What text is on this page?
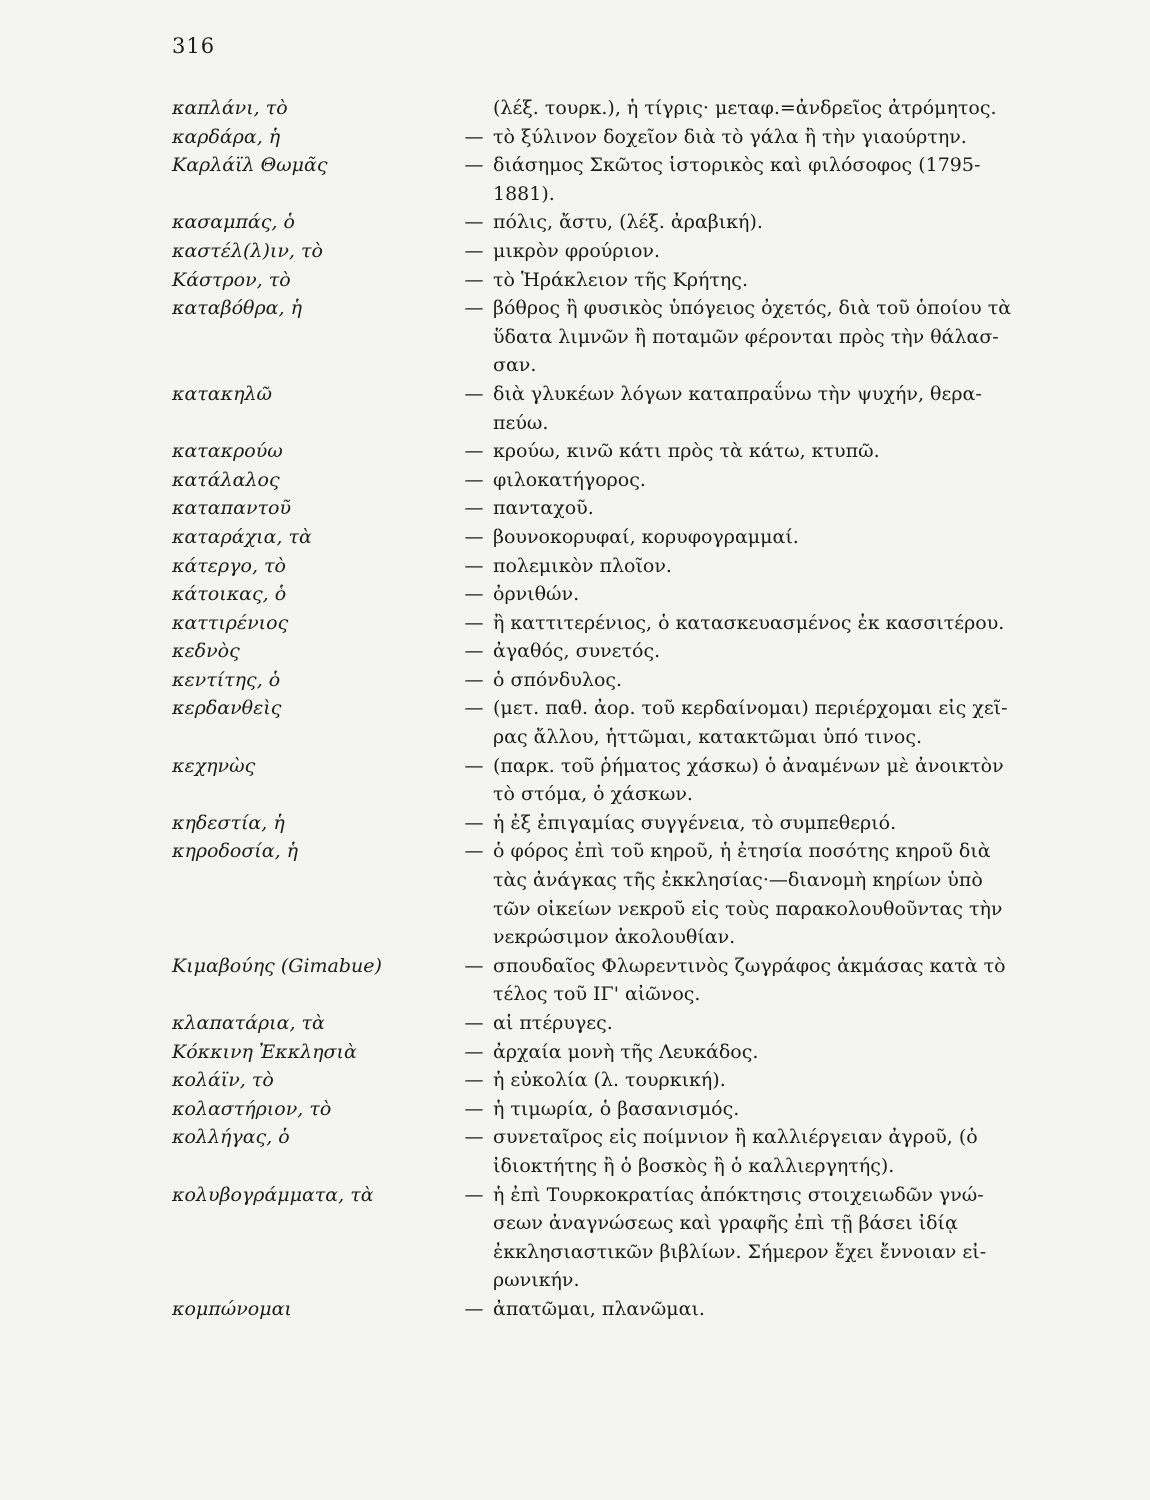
316
καπλάνι, τὸ	(λέξ. τουρκ.), ἡ τίγρις· μεταφ.=ἀνδρεῖος ἀτρόμητος.
καρδάρα, ἡ	— τὸ ξύλινον δοχεῖον διὰ τὸ γάλα ἢ τὴν γιαούρτην.
Καρλάϊλ Θωμᾶς	— διάσημος Σκῶτος ἱστορικὸς καὶ φιλόσοφος (1795-
1881).
κασαμπάς, ὁ	— πόλις, ἄστυ, (λέξ. ἀραβική).
καστέλ(λ)ιν, τὸ	— μικρὸν φρούριον.
Κάστρον, τὸ	— τὸ Ἡράκλειον τῆς Κρήτης.
καταβόθρα, ἡ	— βόθρος ἢ φυσικὸς ὑπόγειος ὀχετός, διὰ τοῦ ὁποίου τὰ
ὕδατα λιμνῶν ἢ ποταμῶν φέρονται πρὸς τὴν θάλασ-
σαν.
κατακηλῶ	— διὰ γλυκέων λόγων καταπραΰνω τὴν ψυχήν, θερα-
πεύω.
κατακρούω	— κρούω, κινῶ κάτι πρὸς τὰ κάτω, κτυπῶ.
κατάλαλος	— φιλοκατήγορος.
καταπαντοῦ	— πανταχοῦ.
καταράχια, τὰ	— βουνοκορυφαί, κορυφογραμμαί.
κάτεργο, τὸ	— πολεμικὸν πλοῖον.
κάτοικας, ὁ	— ὀρνιθών.
καττιρένιος	— ἢ καττιτερένιος, ὁ κατασκευασμένος ἐκ κασσιτέρου.
κεδνὸς	— ἀγαθός, συνετός.
κεντίτης, ὁ	— ὁ σπόνδυλος.
κερδανθεὶς	— (μετ. παθ. ἀορ. τοῦ κερδαίνομαι) περιέρχομαι εἰς χεῖ-
ρας ἄλλου, ἡττῶμαι, κατακτῶμαι ὑπό τινος.
κεχηνὼς	— (παρκ. τοῦ ῥήματος χάσκω) ὁ ἀναμένων μὲ ἀνοικτὸν
τὸ στόμα, ὁ χάσκων.
κηδεστία, ἡ	— ἡ ἐξ ἐπιγαμίας συγγένεια, τὸ συμπεθεριό.
κηροδοσία, ἡ	— ὁ φόρος ἐπὶ τοῦ κηροῦ, ἡ ἐτησία ποσότης κηροῦ διὰ
τὰς ἀνάγκας τῆς ἐκκλησίας·—διανομὴ κηρίων ὑπὸ
τῶν οἰκείων νεκροῦ εἰς τοὺς παρακολουθοῦντας τὴν
νεκρώσιμον ἀκολουθίαν.
Κιμαβούης (Gimabue)	— σπουδαῖος Φλωρεντινὸς ζωγράφος ἀκμάσας κατὰ τὸ
τέλος τοῦ ΙΓ' αἰῶνος.
κλαπατάρια, τὰ	— αἱ πτέρυγες.
Κόκκινη Ἐκκλησιὰ	— ἀρχαία μονὴ τῆς Λευκάδος.
κολάϊν, τὸ	— ἡ εὐκολία (λ. τουρκική).
κολαστήριον, τὸ	— ἡ τιμωρία, ὁ βασανισμός.
κολλήγας, ὁ	— συνεταῖρος εἰς ποίμνιον ἢ καλλιέργειαν ἀγροῦ, (ὁ
ἰδιοκτήτης ἢ ὁ βοσκὸς ἢ ὁ καλλιεργητής).
κολυβογράμματα, τὰ	— ἡ ἐπὶ Τουρκοκρατίας ἀπόκτησις στοιχειωδῶν γνώ-
σεων ἀναγνώσεως καὶ γραφῆς ἐπὶ τῇ βάσει ἰδίᾳ
ἐκκλησιαστικῶν βιβλίων. Σήμερον ἔχει ἔννοιαν εἰ-
ρωνικήν.
κομπώνομαι	— ἀπατῶμαι, πλανῶμαι.
